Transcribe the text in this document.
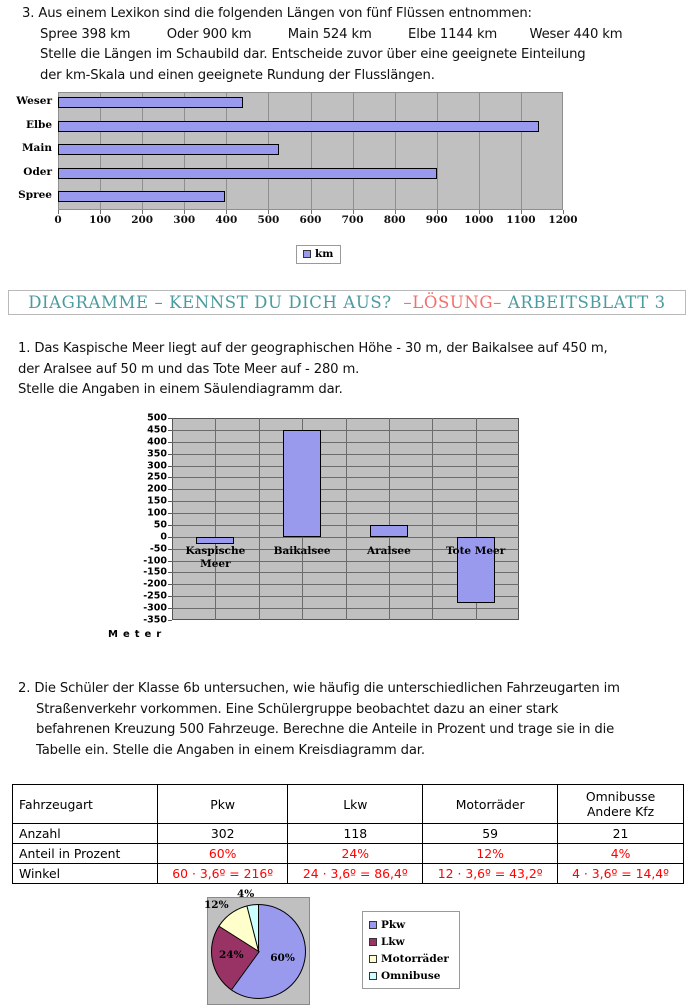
3. Aus einem Lexikon sind die folgenden Längen von fünf Flüssen entnommen:
Spree 398 km         Oder 900 km         Main 524 km         Elbe 1144 km        Weser 440 km
Stelle die Längen im Schaubild dar. Entscheide zuvor über eine geeignete Einteilung
der km-Skala und einen geeignete Rundung der Flusslängen.
Weser
Elbe
Main
Oder
Spree
0	100 200 300 400 500 600 700 800 900 1000 1100 1200
km
DIAGRAMME – KENNST DU DICH AUS? –LÖSUNG– ARBEITSBLATT 3
1. Das Kaspische Meer liegt auf der geographischen Höhe - 30 m, der Baikalsee auf 450 m,
der Aralsee auf 50 m und das Tote Meer auf - 280 m.
Stelle die Angaben in einem Säulendiagramm dar.
500
450
400
350
300
250
200
150
100
50
0
-50
-100
-150
-200
-250
-300
-350
Kaspische Meer
Baikalsee	Aralsee	Tote Meer
Meter
2. Die Schüler der Klasse 6b untersuchen, wie häufig die unterschiedlichen Fahrzeugarten im
Straßenverkehr vorkommen. Eine Schülergruppe beobachtet dazu an einer stark
befahrenen Kreuzung 500 Fahrzeuge. Berechne die Anteile in Prozent und trage sie in die
Tabelle ein. Stelle die Angaben in einem Kreisdiagramm dar.
Fahrzeugart	Pkw	Lkw	Motorräder	Omnibusse
Andere Kfz
Anzahl	302	118	59	21
Anteil in Prozent	60%	24%	12%	4%
Winkel	60 · 3,6º = 216º	24 · 3,6º = 86,4º	12 · 3,6º = 43,2º	4 · 3,6º = 14,4º
60%
24%
12%
4%
Pkw
Lkw
Motorräder
Omnibuse
